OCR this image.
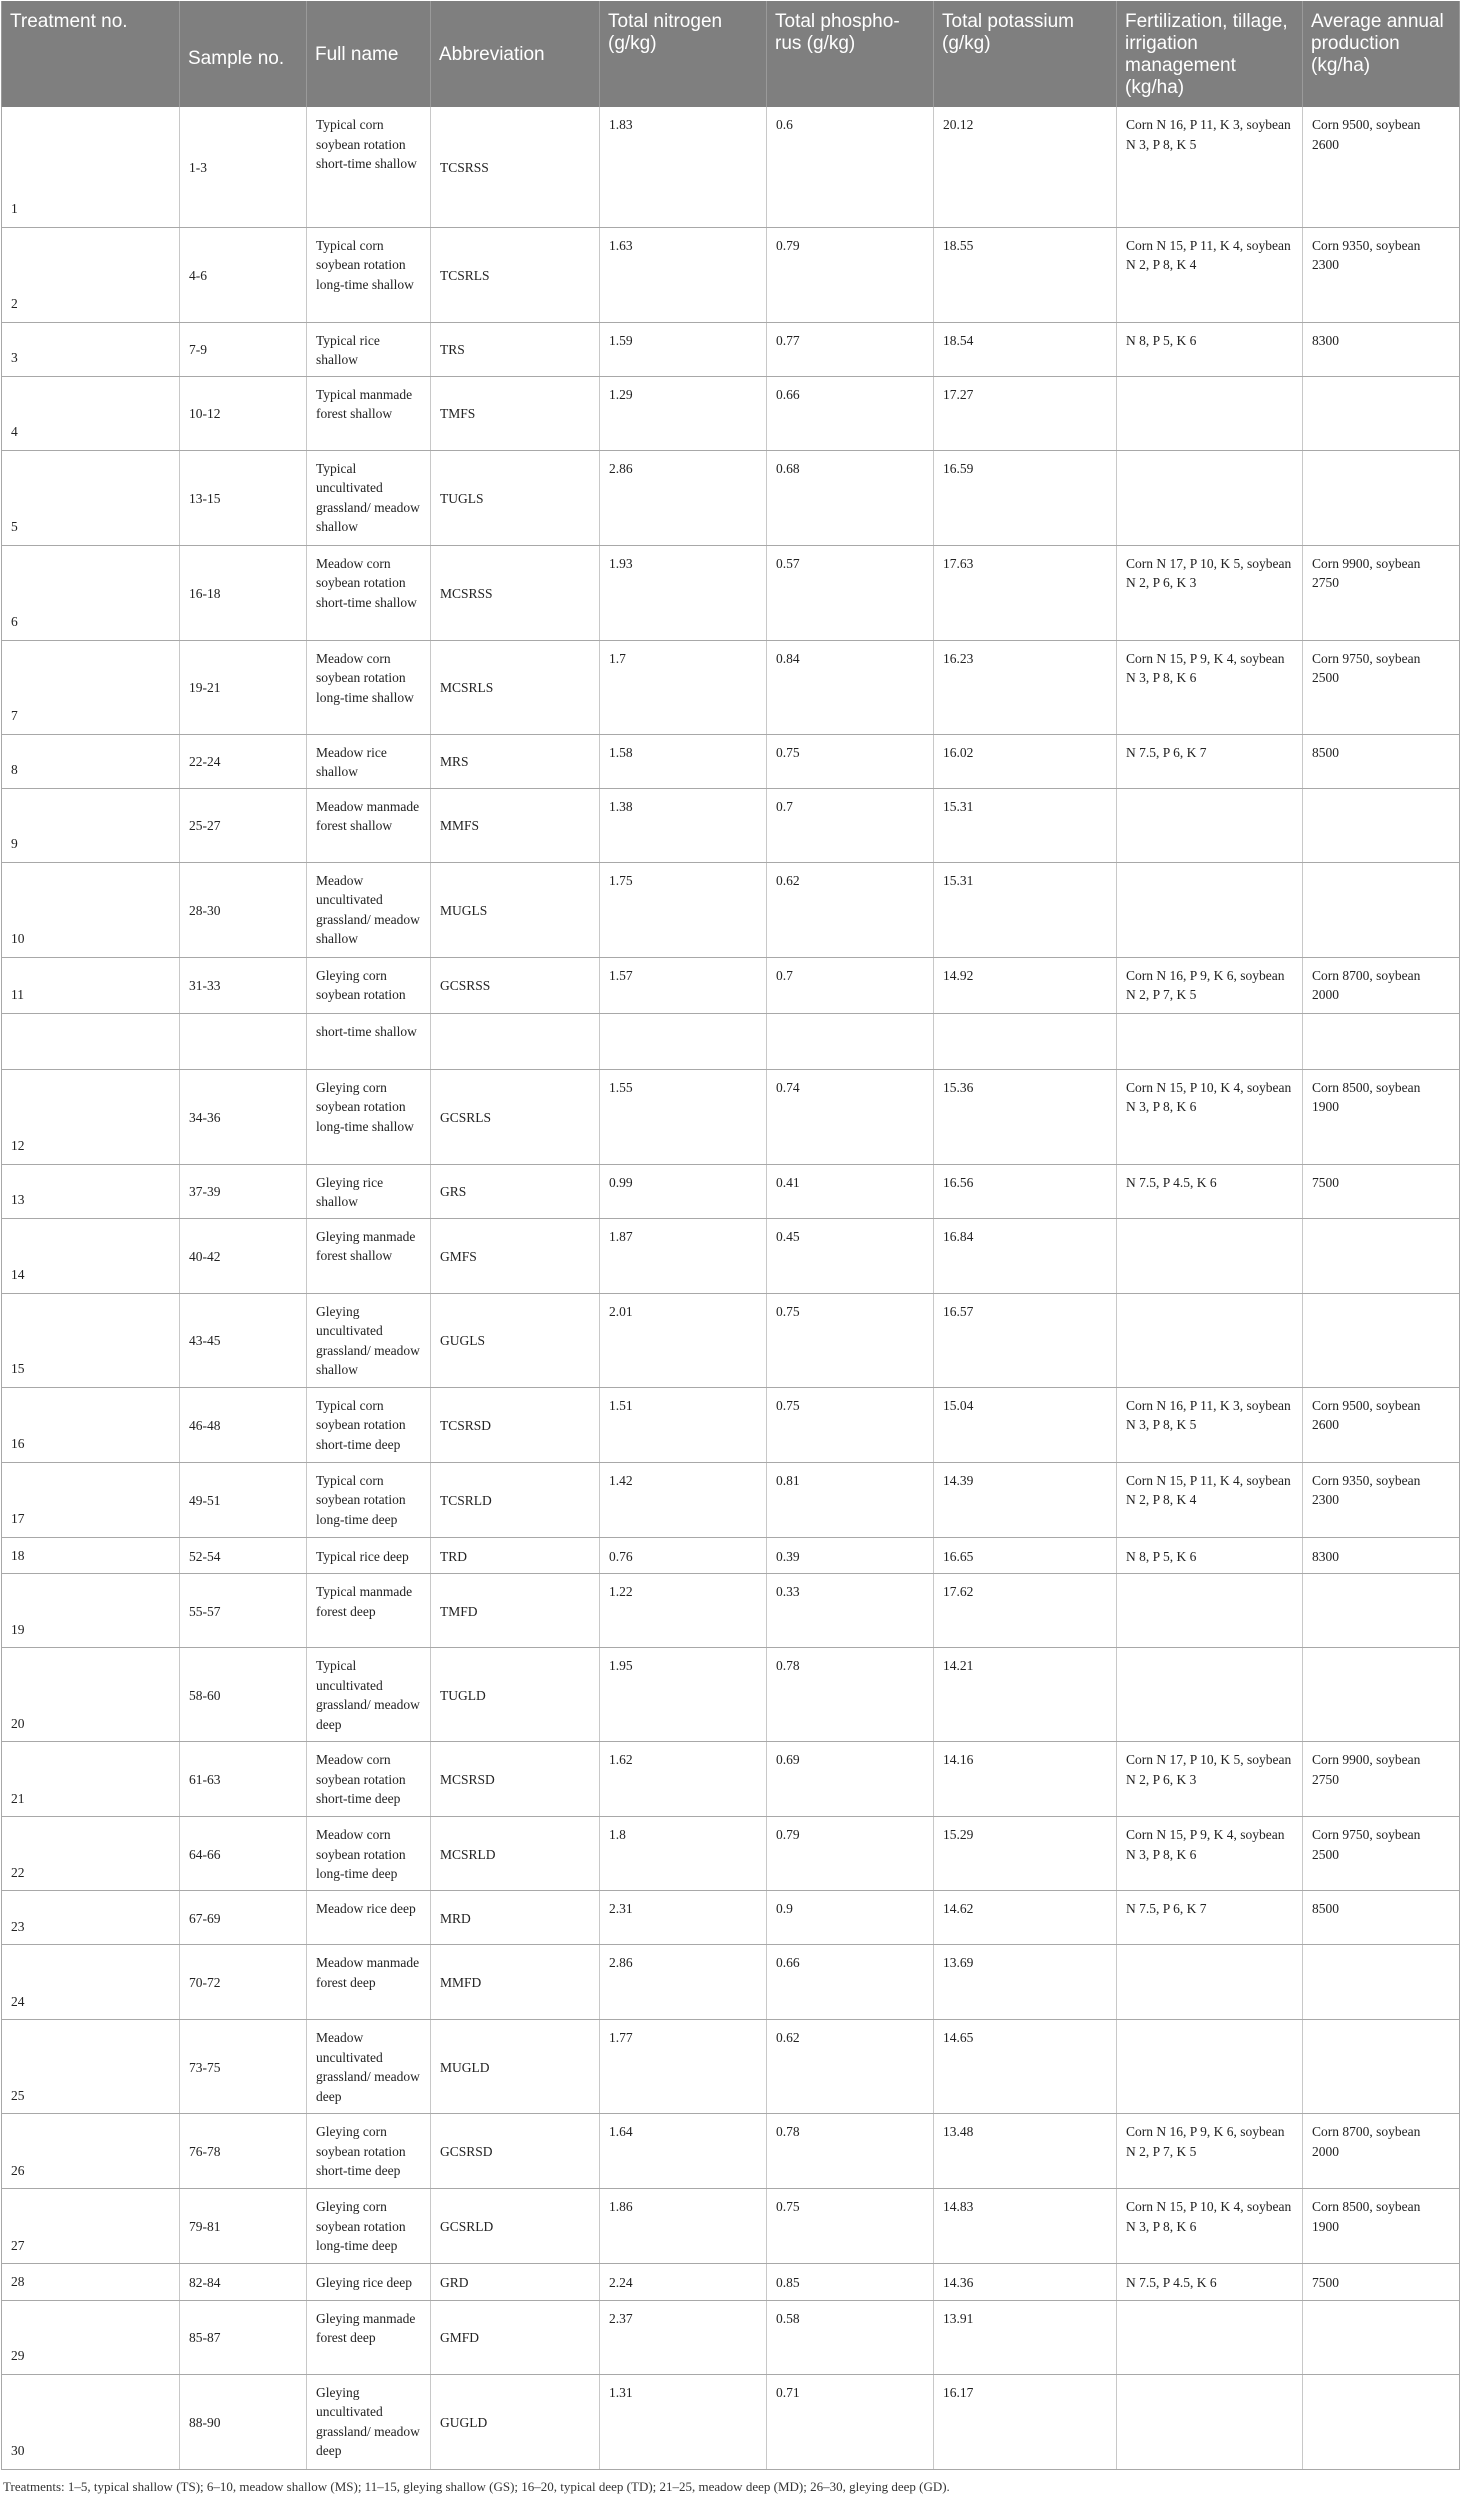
Treatment no.	Sample no.	Full name	Abbreviation	Total nitrogen (g/kg)	Total phospho-rus (g/kg)	Total potassium (g/kg)	Fertilization, tillage, irrigation management (kg/ha)	Average annual production (kg/ha)
1	1-3	Typical corn soybean rotation short-time shallow	TCSRSS	1.83	0.6	20.12	Corn N 16, P 11, K 3, soybean N 3, P 8, K 5	Corn 9500, soybean 2600
2	4-6	Typical corn soybean rotation long-time shallow	TCSRLS	1.63	0.79	18.55	Corn N 15, P 11, K 4, soybean N 2, P 8, K 4	Corn 9350, soybean 2300
3	7-9	Typical rice shallow	TRS	1.59	0.77	18.54	N 8, P 5, K 6	8300
4	10-12	Typical manmade forest shallow	TMFS	1.29	0.66	17.27		
5	13-15	Typical uncultivated grassland/ meadow shallow	TUGLS	2.86	0.68	16.59		
6	16-18	Meadow corn soybean rotation short-time shallow	MCSRSS	1.93	0.57	17.63	Corn N 17, P 10, K 5, soybean N 2, P 6, K 3	Corn 9900, soybean 2750
7	19-21	Meadow corn soybean rotation long-time shallow	MCSRLS	1.7	0.84	16.23	Corn N 15, P 9, K 4, soybean N 3, P 8, K 6	Corn 9750, soybean 2500
8	22-24	Meadow rice shallow	MRS	1.58	0.75	16.02	N 7.5, P 6, K 7	8500
9	25-27	Meadow manmade forest shallow	MMFS	1.38	0.7	15.31		
10	28-30	Meadow uncultivated grassland/ meadow shallow	MUGLS	1.75	0.62	15.31		
11	31-33	Gleying corn soybean rotation	GCSRSS	1.57	0.7	14.92	Corn N 16, P 9, K 6, soybean N 2, P 7, K 5	Corn 8700, soybean 2000
		short-time shallow						
12	34-36	Gleying corn soybean rotation long-time shallow	GCSRLS	1.55	0.74	15.36	Corn N 15, P 10, K 4, soybean N 3, P 8, K 6	Corn 8500, soybean 1900
13	37-39	Gleying rice shallow	GRS	0.99	0.41	16.56	N 7.5, P 4.5, K 6	7500
14	40-42	Gleying manmade forest shallow	GMFS	1.87	0.45	16.84		
15	43-45	Gleying uncultivated grassland/ meadow shallow	GUGLS	2.01	0.75	16.57		
16	46-48	Typical corn soybean rotation short-time deep	TCSRSD	1.51	0.75	15.04	Corn N 16, P 11, K 3, soybean N 3, P 8, K 5	Corn 9500, soybean 2600
17	49-51	Typical corn soybean rotation long-time deep	TCSRLD	1.42	0.81	14.39	Corn N 15, P 11, K 4, soybean N 2, P 8, K 4	Corn 9350, soybean 2300
18	52-54	Typical rice deep	TRD	0.76	0.39	16.65	N 8, P 5, K 6	8300
19	55-57	Typical manmade forest deep	TMFD	1.22	0.33	17.62		
20	58-60	Typical uncultivated grassland/ meadow deep	TUGLD	1.95	0.78	14.21		
21	61-63	Meadow corn soybean rotation short-time deep	MCSRSD	1.62	0.69	14.16	Corn N 17, P 10, K 5, soybean N 2, P 6, K 3	Corn 9900, soybean 2750
22	64-66	Meadow corn soybean rotation long-time deep	MCSRLD	1.8	0.79	15.29	Corn N 15, P 9, K 4, soybean N 3, P 8, K 6	Corn 9750, soybean 2500
23	67-69	Meadow rice deep	MRD	2.31	0.9	14.62	N 7.5, P 6, K 7	8500
24	70-72	Meadow manmade forest deep	MMFD	2.86	0.66	13.69		
25	73-75	Meadow uncultivated grassland/ meadow deep	MUGLD	1.77	0.62	14.65		
26	76-78	Gleying corn soybean rotation short-time deep	GCSRSD	1.64	0.78	13.48	Corn N 16, P 9, K 6, soybean N 2, P 7, K 5	Corn 8700, soybean 2000
27	79-81	Gleying corn soybean rotation long-time deep	GCSRLD	1.86	0.75	14.83	Corn N 15, P 10, K 4, soybean N 3, P 8, K 6	Corn 8500, soybean 1900
28	82-84	Gleying rice deep	GRD	2.24	0.85	14.36	N 7.5, P 4.5, K 6	7500
29	85-87	Gleying manmade forest deep	GMFD	2.37	0.58	13.91		
30	88-90	Gleying uncultivated grassland/ meadow deep	GUGLD	1.31	0.71	16.17		
Treatments: 1–5, typical shallow (TS); 6–10, meadow shallow (MS); 11–15, gleying shallow (GS); 16–20, typical deep (TD); 21–25, meadow deep (MD); 26–30, gleying deep (GD).
